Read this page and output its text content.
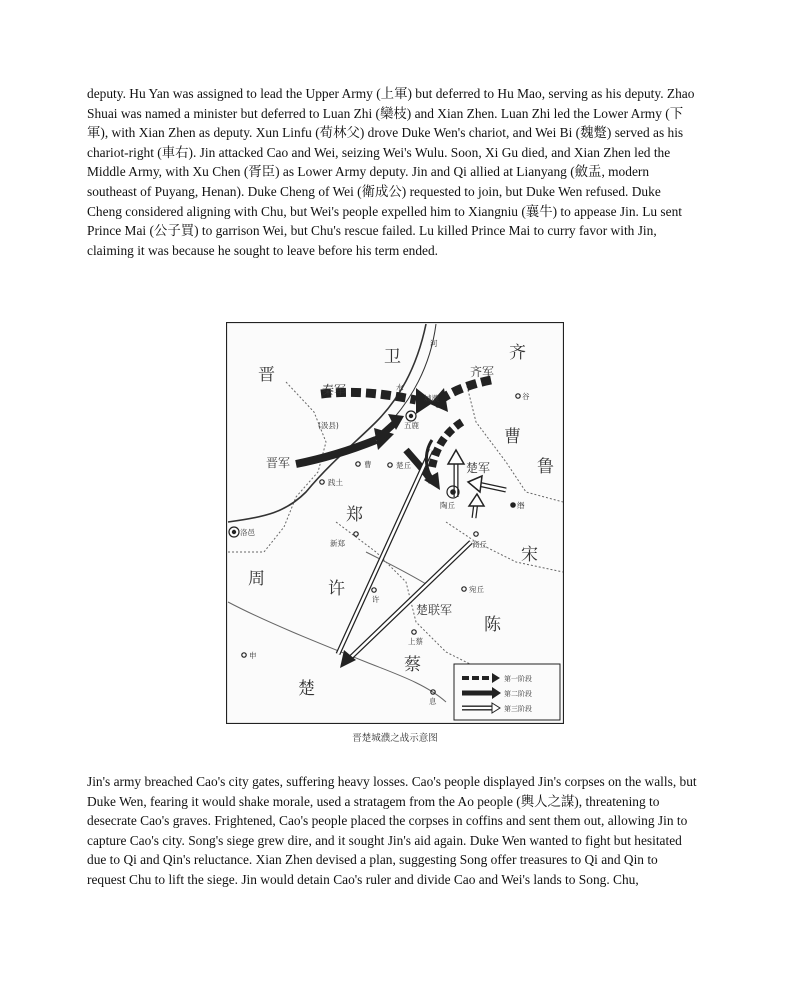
deputy. Hu Yan was assigned to lead the Upper Army (上軍) but deferred to Hu Mao, serving as his deputy. Zhao Shuai was named a minister but deferred to Luan Zhi (欒枝) and Xian Zhen. Luan Zhi led the Lower Army (下軍), with Xian Zhen as deputy. Xun Linfu (荀林父) drove Duke Wen's chariot, and Wei Bi (魏蹩) served as his chariot-right (車右). Jin attacked Cao and Wei, seizing Wei's Wulu. Soon, Xi Gu died, and Xian Zhen led the Middle Army, with Xu Chen (胥臣) as Lower Army deputy. Jin and Qi allied at Lianyang (斂盂, modern southeast of Puyang, Henan). Duke Cheng of Wei (衛成公) requested to join, but Duke Wen refused. Duke Cheng considered aligning with Chu, but Wei's people expelled him to Xiangniu (襄牛) to appease Jin. Lu sent Prince Mai (公子買) to garrison Wei, but Chu's rescue failed. Lu killed Prince Mai to curry favor with Jin, claiming it was because he sought to leave before his term ended.
晋
卫	齐
曹
鲁
郑
宋
周	许
陈
蔡
楚
秦军
齐军
晋军	楚军
楚联军
河
水
(汲县)	五鹿
城濮	谷
曹	楚丘
践土
陶丘	缗
商丘
洛邑
新郑
许
宛丘
上蔡
申
息
第一阶段
第二阶段
第三阶段
晋楚城濮之战示意图
Jin's army breached Cao's city gates, suffering heavy losses. Cao's people displayed Jin's corpses on the walls, but Duke Wen, fearing it would shake morale, used a stratagem from the Ao people (輿人之謀), threatening to desecrate Cao's graves. Frightened, Cao's people placed the corpses in coffins and sent them out, allowing Jin to capture Cao's city. Song's siege grew dire, and it sought Jin's aid again. Duke Wen wanted to fight but hesitated due to Qi and Qin's reluctance. Xian Zhen devised a plan, suggesting Song offer treasures to Qi and Qin to request Chu to lift the siege. Jin would detain Cao's ruler and divide Cao and Wei's lands to Song. Chu,
